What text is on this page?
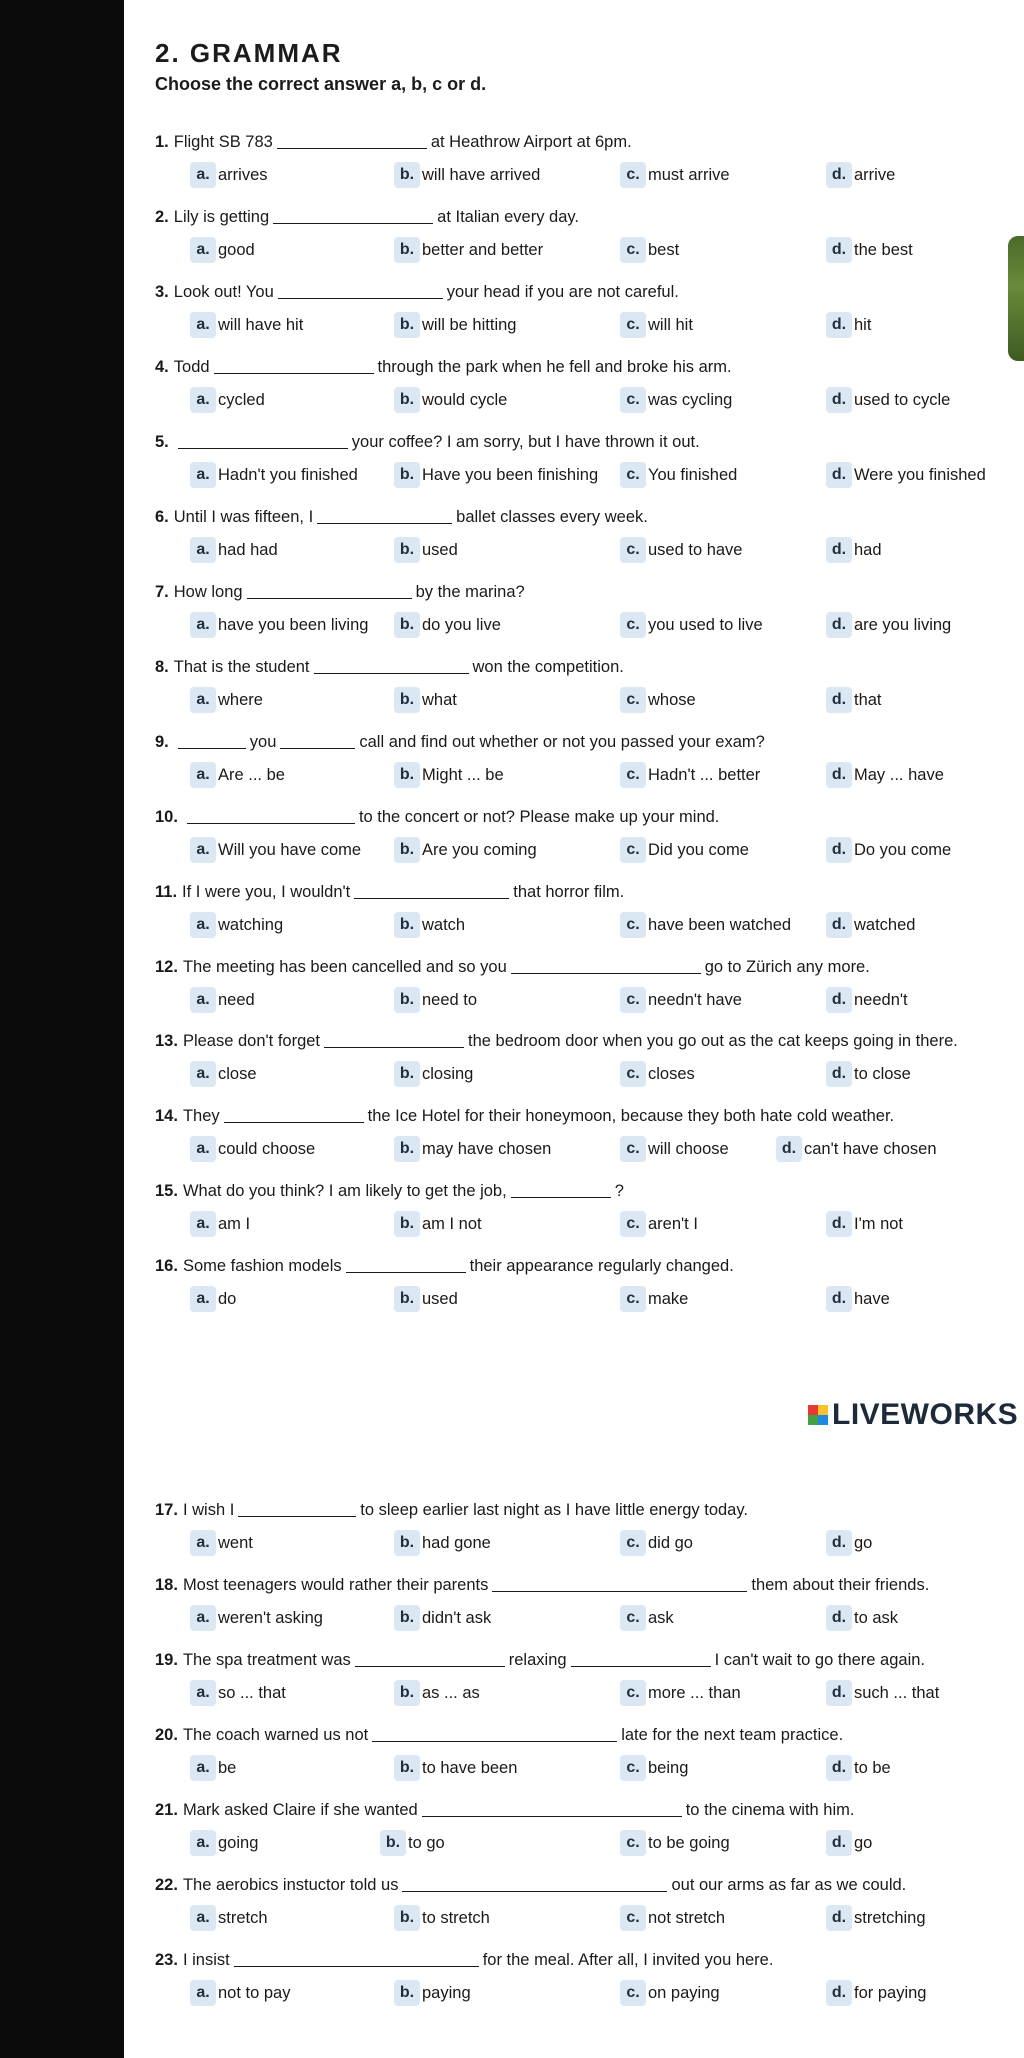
2. GRAMMAR
Choose the correct answer a, b, c or d.
1. Flight SB 783	at Heathrow Airport at 6pm.
a. arrives	b. will have arrived	c. must arrive	d. arrive
2. Lily is getting	at Italian every day.
a. good	b. better and better	c. best	d. the best
3. Look out! You	your head if you are not careful.
a. will have hit	b. will be hitting	c. will hit	d. hit
4. Todd	through the park when he fell and broke his arm.
a. cycled	b. would cycle	c. was cycling	d. used to cycle
5.	your coffee? I am sorry, but I have thrown it out.
a. Hadn't you finished	b. Have you been finishing	c. You finished	d. Were you finished
6. Until I was fifteen, I	ballet classes every week.
a. had had	b. used	c. used to have	d. had
7. How long	by the marina?
a. have you been living	b. do you live	c. you used to live	d. are you living
8. That is the student	won the competition.
a. where	b. what	c. whose	d. that
9.	you	call and find out whether or not you passed your exam?
a. Are ... be	b. Might ... be	c. Hadn't ... better	d. May ... have
10.	to the concert or not? Please make up your mind.
a. Will you have come	b. Are you coming	c. Did you come	d. Do you come
11. If I were you, I wouldn't	that horror film.
a. watching	b. watch	c. have been watched	d. watched
12. The meeting has been cancelled and so you	go to Zürich any more.
a. need	b. need to	c. needn't have	d. needn't
13. Please don't forget	the bedroom door when you go out as the cat keeps going in there.
a. close	b. closing	c. closes	d. to close
14. They	the Ice Hotel for their honeymoon, because they both hate cold weather.
a. could choose	b. may have chosen	c. will choose	d. can't have chosen
15. What do you think? I am likely to get the job,	?
a. am I	b. am I not	c. aren't I	d. I'm not
16. Some fashion models	their appearance regularly changed.
a. do	b. used	c. make	d. have
17. I wish I	to sleep earlier last night as I have little energy today.
a. went	b. had gone	c. did go	d. go
18. Most teenagers would rather their parents	them about their friends.
a. weren't asking	b. didn't ask	c. ask	d. to ask
19. The spa treatment was	relaxing	I can't wait to go there again.
a. so ... that	b. as ... as	c. more ... than	d. such ... that
20. The coach warned us not	late for the next team practice.
a. be	b. to have been	c. being	d. to be
21. Mark asked Claire if she wanted	to the cinema with him.
a. going	b. to go	c. to be going	d. go
22. The aerobics instuctor told us	out our arms as far as we could.
a. stretch	b. to stretch	c. not stretch	d. stretching
23. I insist	for the meal. After all, I invited you here.
a. not to pay	b. paying	c. on paying	d. for paying
LIVEWORKS
